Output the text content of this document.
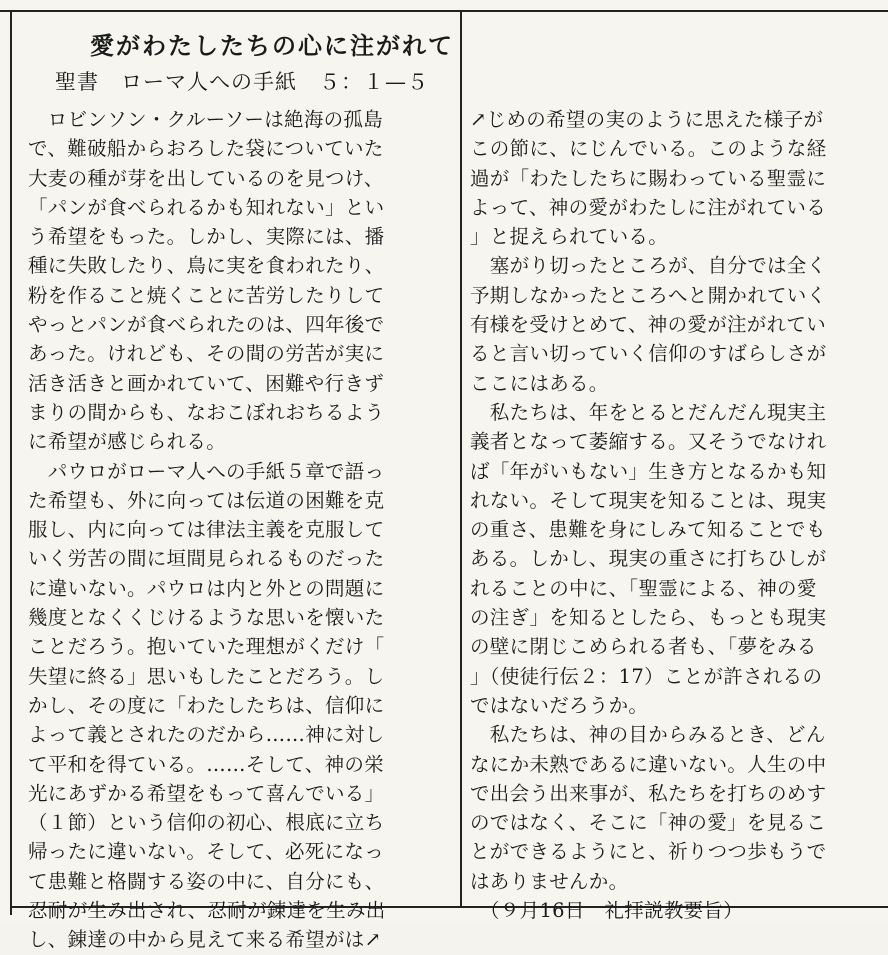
愛がわたしたちの心に注がれて
聖書　ローマ人への手紙　５：１—５
　ロビンソン・クルーソーは絶海の孤島
で、難破船からおろした袋についていた
大麦の種が芽を出しているのを見つけ、
「パンが食べられるかも知れない」とい
う希望をもった。しかし、実際には、播
種に失敗したり、鳥に実を食われたり、
粉を作ること焼くことに苦労したりして
やっとパンが食べられたのは、四年後で
あった。けれども、その間の労苦が実に
活き活きと画かれていて、困難や行きず
まりの間からも、なおこぼれおちるよう
に希望が感じられる。
　パウロがローマ人への手紙５章で語っ
た希望も、外に向っては伝道の困難を克
服し、内に向っては律法主義を克服して
いく労苦の間に垣間見られるものだった
に違いない。パウロは内と外との問題に
幾度となくくじけるような思いを懐いた
ことだろう。抱いていた理想がくだけ「
失望に終る」思いもしたことだろう。し
かし、その度に「わたしたちは、信仰に
よって義とされたのだから……神に対し
て平和を得ている。……そして、神の栄
光にあずかる希望をもって喜んでいる」
（１節）という信仰の初心、根底に立ち
帰ったに違いない。そして、必死になっ
て患難と格闘する姿の中に、自分にも、
忍耐が生み出され、忍耐が錬達を生み出
し、錬達の中から見えて来る希望がは↗
↗じめの希望の実のように思えた様子が
この節に、にじんでいる。このような経
過が「わたしたちに賜わっている聖霊に
よって、神の愛がわたしに注がれている
」と捉えられている。
　塞がり切ったところが、自分では全く
予期しなかったところへと開かれていく
有様を受けとめて、神の愛が注がれてい
ると言い切っていく信仰のすばらしさが
ここにはある。
　私たちは、年をとるとだんだん現実主
義者となって萎縮する。又そうでなけれ
ば「年がいもない」生き方となるかも知
れない。そして現実を知ることは、現実
の重さ、患難を身にしみて知ることでも
ある。しかし、現実の重さに打ちひしが
れることの中に、「聖霊による、神の愛
の注ぎ」を知るとしたら、もっとも現実
の壁に閉じこめられる者も、「夢をみる
」（使徒行伝２：17）ことが許されるの
ではないだろうか。
　私たちは、神の目からみるとき、どん
なにか未熟であるに違いない。人生の中
で出会う出来事が、私たちを打ちのめす
のではなく、そこに「神の愛」を見るこ
とができるようにと、祈りつつ歩もうで
はありませんか。
　（９月16日　礼拝説教要旨）
